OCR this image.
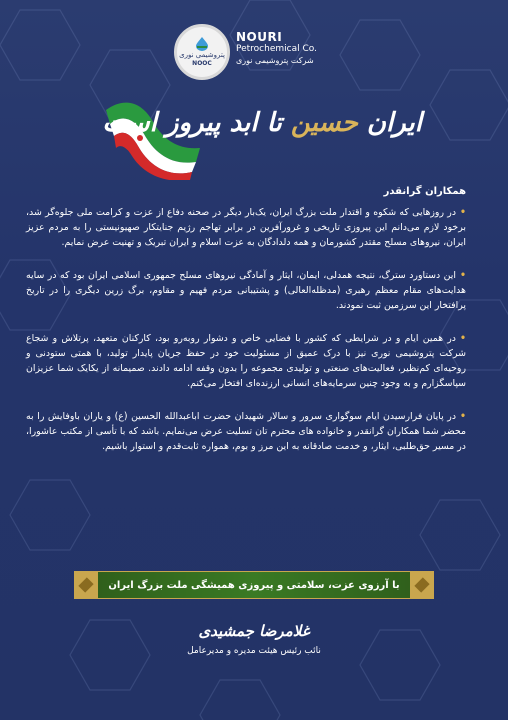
پتروشیمی نوری
NOOC
NOURI
Petrochemical Co.
شرکت پتروشیمی نوری
ایران حسین تا ابد پیروز است

همکاران گرانقدر

•در روزهایی که شکوه و اقتدار ملت بزرگ ایران، یک‌بار دیگر در صحنه دفاع از عزت و کرامت ملی جلوه‌گر شد، برخود لازم می‌دانم این پیروزی تاریخی و غرورآفرین در برابر تهاجم رژیم جنایتکار صهیونیستی را به مردم عزیز ایران، نیروهای مسلح مقتدر کشورمان و همه دلدادگان به عزت اسلام و ایران تبریک و تهنیت عرض نمایم.

•این دستاورد سترگ، نتیجه همدلی، ایمان، ایثار و آمادگی نیروهای مسلح جمهوری اسلامی ایران بود که در سایه هدایت‌های مقام معظم رهبری (مدظله‌العالی) و پشتیبانی مردم فهیم و مقاوم، برگ زرین دیگری را در تاریخ پرافتخار این سرزمین ثبت نمودند.

•در همین ایام و در شرایطی که کشور با فضایی خاص و دشوار روبه‌رو بود، کارکنان متعهد، پرتلاش و شجاع شرکت پتروشیمی نوری نیز با درک عمیق از مسئولیت خود در حفظ جریان پایدار تولید، با همتی ستودنی و روحیه‌ای کم‌نظیر، فعالیت‌های صنعتی و تولیدی مجموعه را بدون وقفه ادامه دادند. صمیمانه از یکایک شما عزیزان سپاسگزارم و به وجود چنین سرمایه‌های انسانی ارزنده‌ای افتخار می‌کنم.

•در پایان فرارسیدن ایام سوگواری سرور و سالار شهیدان حضرت اباعبدالله الحسین (ع) و یاران باوفایش را به محضر شما همکاران گرانقدر و خانواده های محترم تان تسلیت عرض می‌نمایم. باشد که با تأسی از مکتب عاشورا، در مسیر حق‌طلبی، ایثار، و خدمت صادقانه به این مرز و بوم، همواره ثابت‌قدم و استوار باشیم.

با آرزوی عزت، سلامتی و پیروزی همیشگی ملت بزرگ ایران
غلامرضا جمشیدی
نائب رئیس هیئت مدیره و مدیرعامل
